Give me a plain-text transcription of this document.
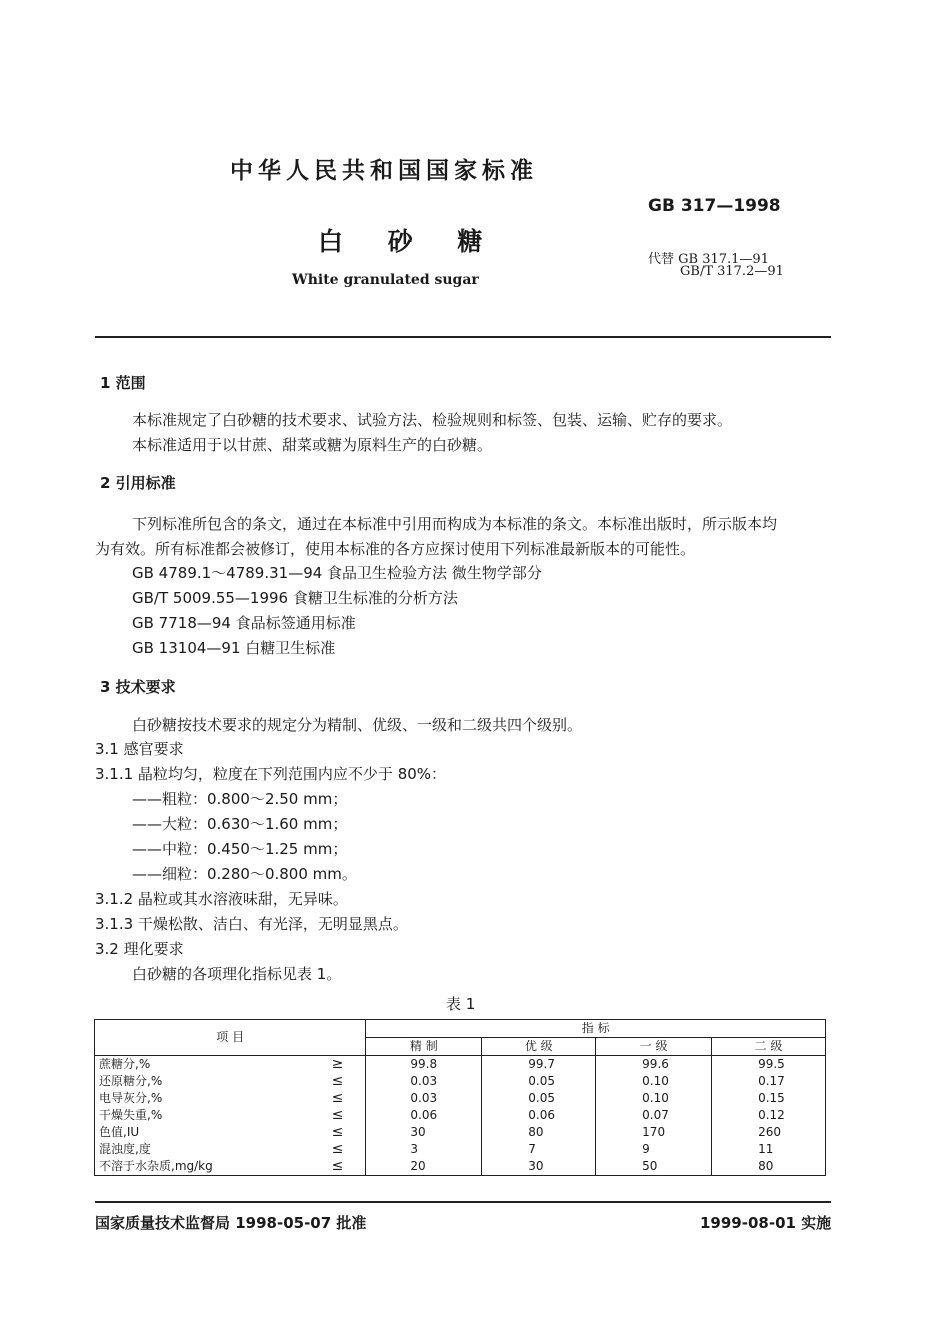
中华人民共和国国家标准
GB 317—1998
白 砂 糖
代替 GB 317.1—91
GB/T 317.2—91
White granulated sugar
1 范围
本标准规定了白砂糖的技术要求、试验方法、检验规则和标签、包装、运输、贮存的要求。
本标准适用于以甘蔗、甜菜或糖为原料生产的白砂糖。
2 引用标准
下列标准所包含的条文，通过在本标准中引用而构成为本标准的条文。本标准出版时，所示版本均
为有效。所有标准都会被修订，使用本标准的各方应探讨使用下列标准最新版本的可能性。
GB 4789.1～4789.31—94 食品卫生检验方法 微生物学部分
GB/T 5009.55—1996 食糖卫生标准的分析方法
GB 7718—94 食品标签通用标准
GB 13104—91 白糖卫生标准
3 技术要求
白砂糖按技术要求的规定分为精制、优级、一级和二级共四个级别。
3.1 感官要求
3.1.1 晶粒均匀，粒度在下列范围内应不少于 80%：
——粗粒：0.800～2.50 mm；
——大粒：0.630～1.60 mm；
——中粒：0.450～1.25 mm；
——细粒：0.280～0.800 mm。
3.1.2 晶粒或其水溶液味甜，无异味。
3.1.3 干燥松散、洁白、有光泽，无明显黑点。
3.2 理化要求
白砂糖的各项理化指标见表 1。
表 1
项 目	指 标			
	精 制	优 级	一 级	二 级
蔗糖分,% ≥	99.8	99.7	99.6	99.5
还原糖分,% ≤	0.03	0.05	0.10	0.17
电导灰分,% ≤	0.03	0.05	0.10	0.15
干燥失重,% ≤	0.06	0.06	0.07	0.12
色值,IU ≤	30	80	170	260
混浊度,度 ≤	3	7	9	11
不溶于水杂质,mg/kg ≤	20	30	50	80
国家质量技术监督局 1998-05-07 批准	1999-08-01 实施
